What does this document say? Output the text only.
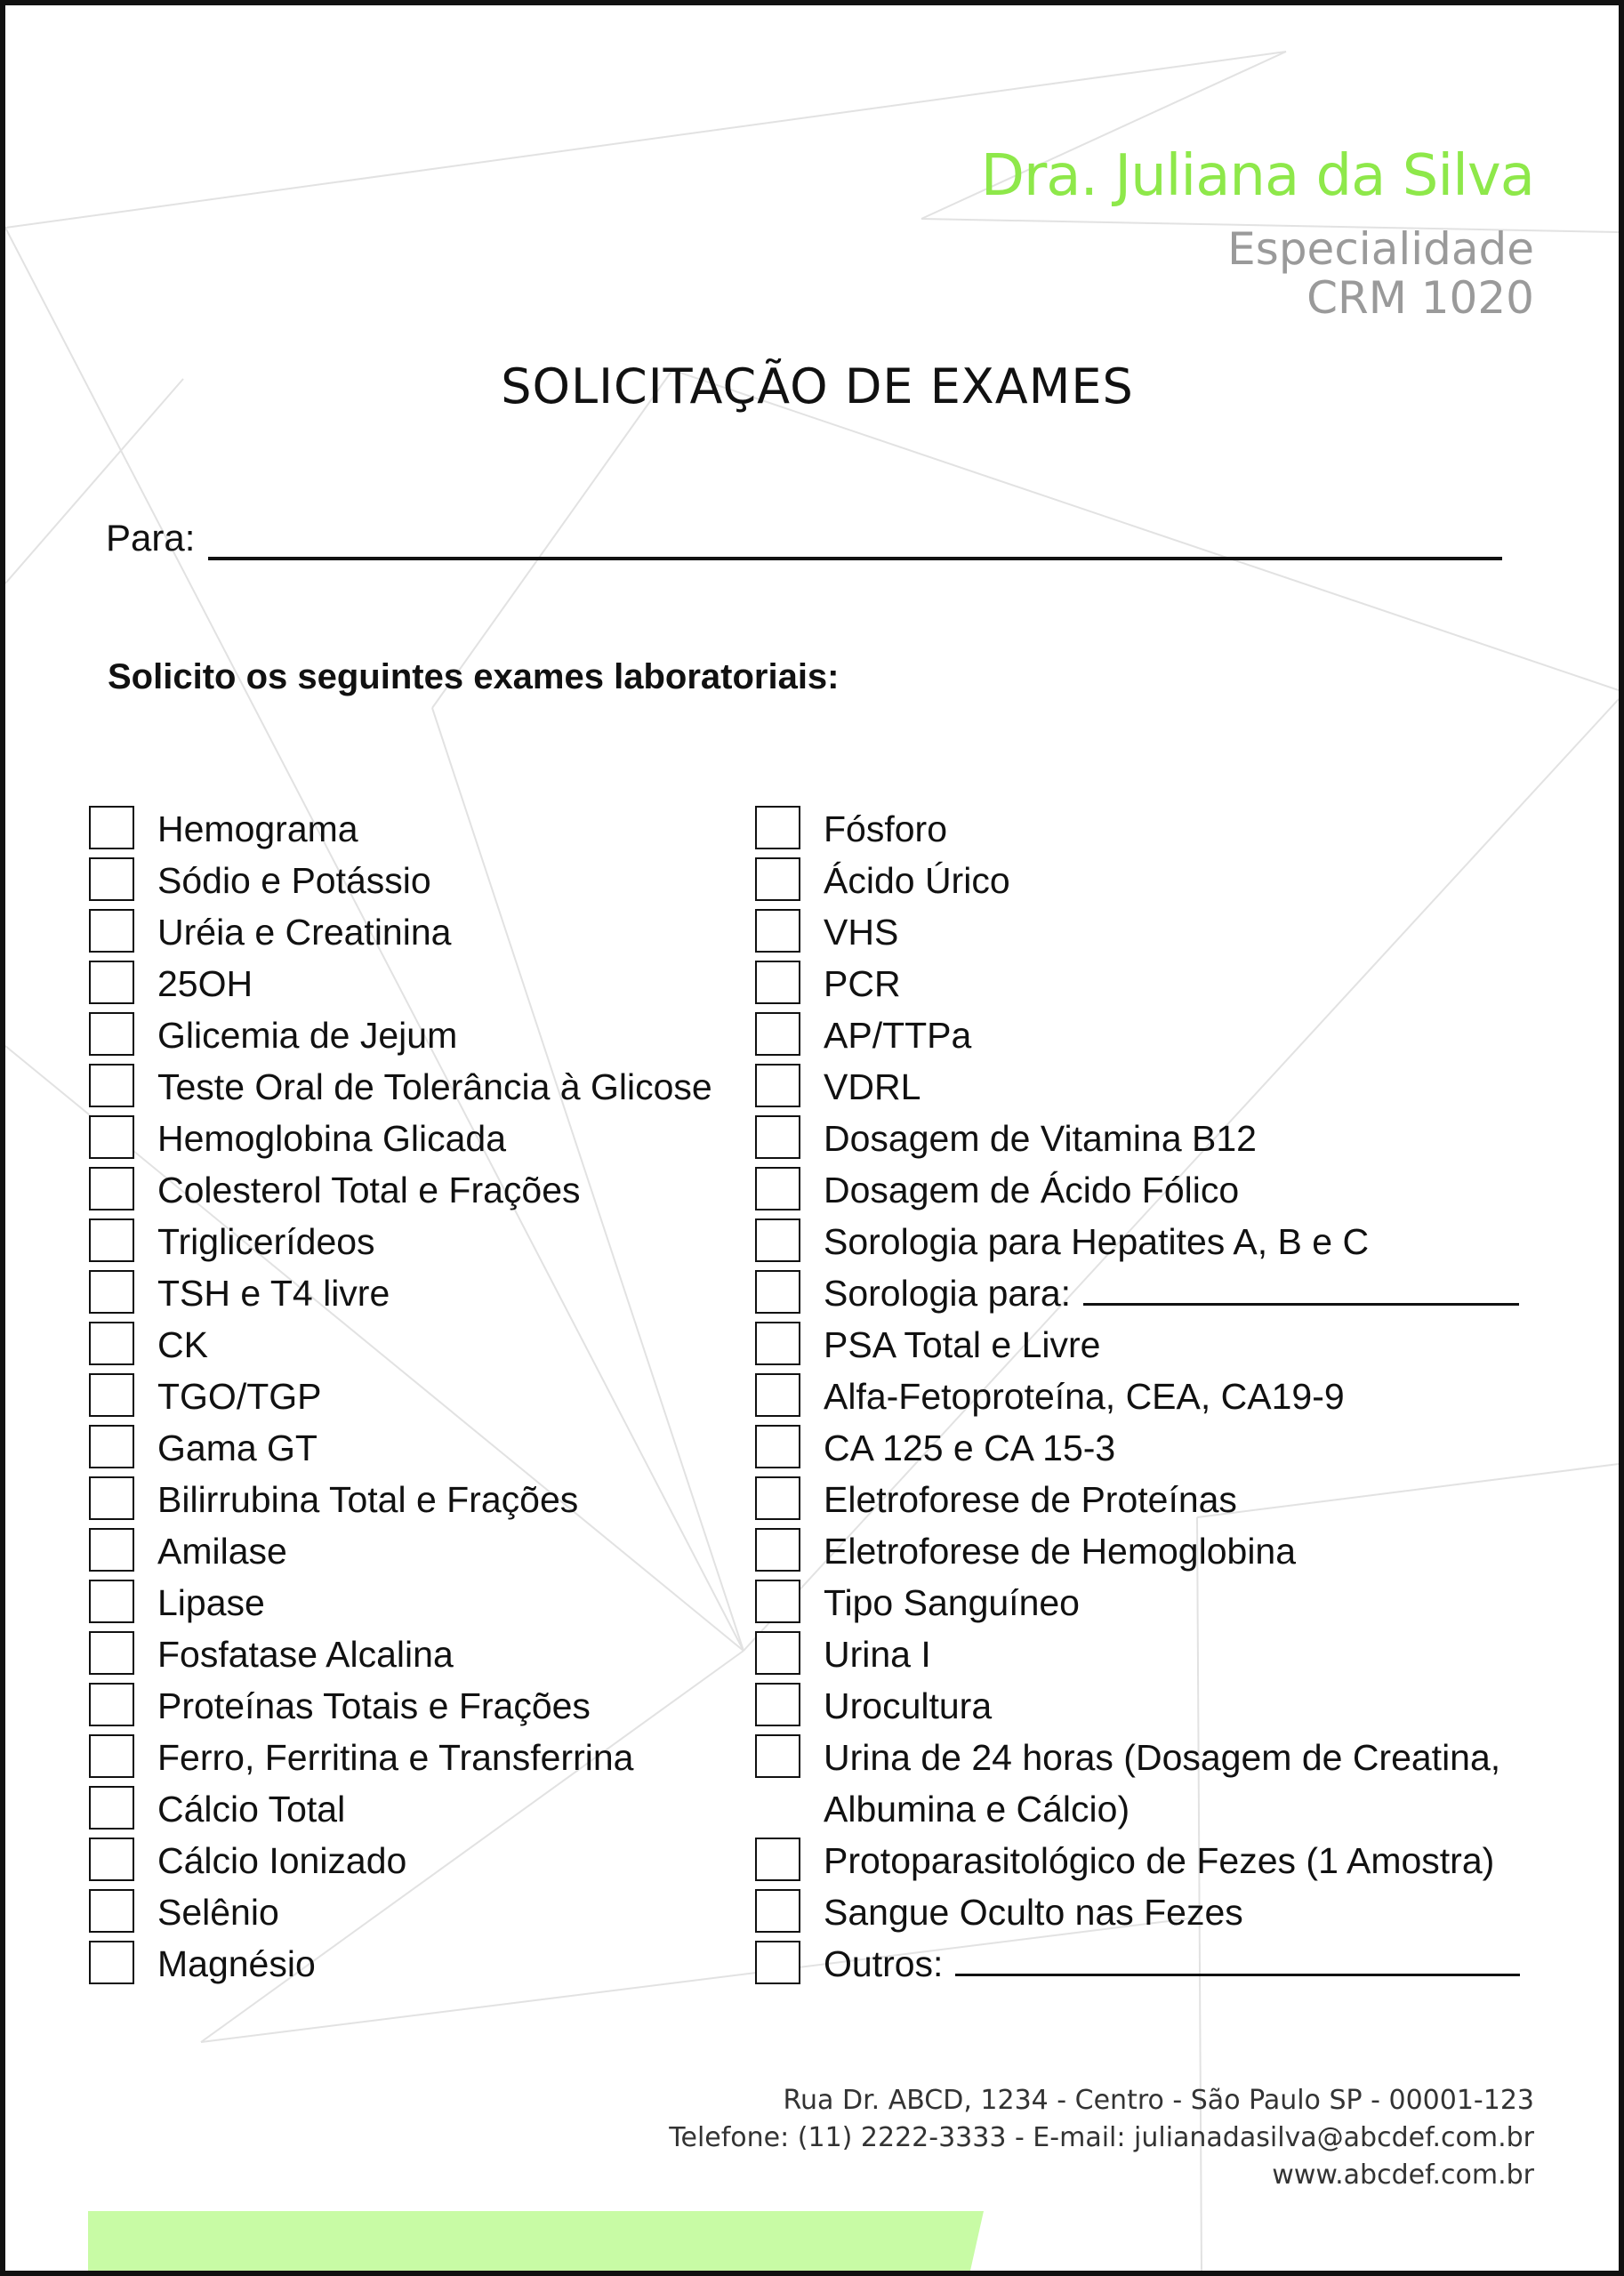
Dra. Juliana da Silva
Especialidade
CRM 1020
SOLICITAÇÃO DE EXAMES
Para:
Solicito os seguintes exames laboratoriais:
Hemograma
Sódio e Potássio
Uréia e Creatinina
25OH
Glicemia de Jejum
Teste Oral de Tolerância à Glicose
Hemoglobina Glicada
Colesterol Total e Frações
Triglicerídeos
TSH e T4 livre
CK
TGO/TGP
Gama GT
Bilirrubina Total e Frações
Amilase
Lipase
Fosfatase Alcalina
Proteínas Totais e Frações
Ferro, Ferritina e Transferrina
Cálcio Total
Cálcio Ionizado
Selênio
Magnésio
Fósforo
Ácido Úrico
VHS
PCR
AP/TTPa
VDRL
Dosagem de Vitamina B12
Dosagem de Ácido Fólico
Sorologia para Hepatites A, B e C
Sorologia para:
PSA Total e Livre
Alfa-Fetoproteína, CEA, CA19-9
CA 125 e CA 15-3
Eletroforese de Proteínas
Eletroforese de Hemoglobina
Tipo Sanguíneo
Urina I
Urocultura
Urina de 24 horas (Dosagem de Creatina,
Albumina e Cálcio)
Protoparasitológico de Fezes (1 Amostra)
Sangue Oculto nas Fezes
Outros:
Rua Dr. ABCD, 1234 - Centro - São Paulo SP - 00001-123
Telefone: (11) 2222-3333 - E-mail: julianadasilva@abcdef.com.br
www.abcdef.com.br
